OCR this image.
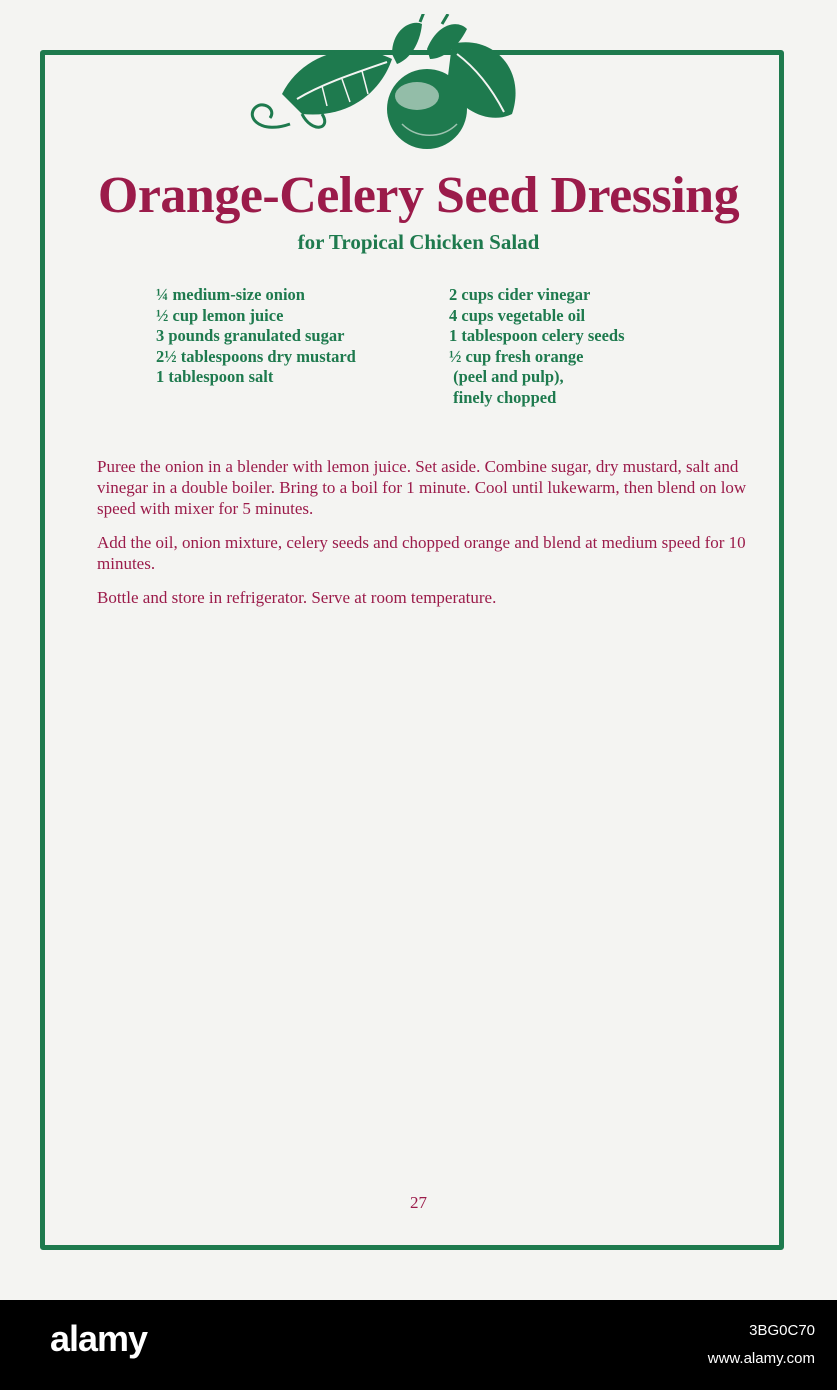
Orange-Celery Seed Dressing
for Tropical Chicken Salad
¼ medium-size onion
½ cup lemon juice
3 pounds granulated sugar
2½ tablespoons dry mustard
1 tablespoon salt
2 cups cider vinegar
4 cups vegetable oil
1 tablespoon celery seeds
½ cup fresh orange
(peel and pulp),
finely chopped

Puree the onion in a blender with lemon juice. Set aside. Combine sugar, dry mustard, salt and vinegar in a double boiler. Bring to a boil for 1 minute. Cool until lukewarm, then blend on low speed with mixer for 5 minutes.

Add the oil, onion mixture, celery seeds and chopped orange and blend at medium speed for 10 minutes.

Bottle and store in refrigerator. Serve at room temperature.

27
alamy	3BG0C70
www.alamy.com
